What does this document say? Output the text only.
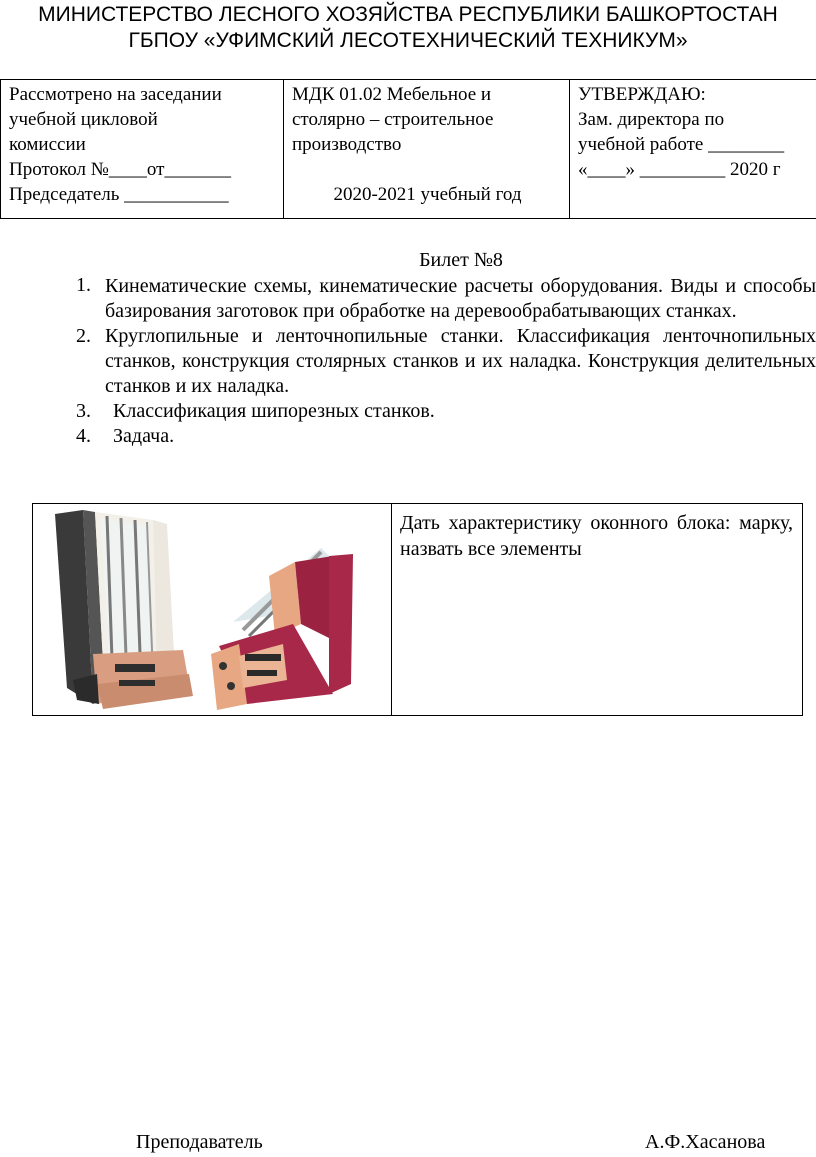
МИНИСТЕРСТВО ЛЕСНОГО ХОЗЯЙСТВА РЕСПУБЛИКИ БАШКОРТОСТАН
ГБПОУ «УФИМСКИЙ ЛЕСОТЕХНИЧЕСКИЙ ТЕХНИКУМ»
Рассмотрено на заседании
учебной цикловой
комиссии
Протокол №____от_______
Председатель ___________

МДК 01.02 Мебельное и
столярно – строительное
производство
2020-2021 учебный год

УТВЕРЖДАЮ:
Зам. директора по
учебной работе ________
«____» _________ 2020 г
Билет №8
1. Кинематические схемы, кинематические расчеты оборудования. Виды и способы базирования заготовок при обработке на деревообрабатывающих станках.
2. Круглопильные и ленточнопильные станки. Классификация ленточнопильных станков, конструкция столярных станков и их наладка. Конструкция делительных станков и их наладка.
3. Классификация шипорезных станков.
4. Задача.
Дать характеристику оконного блока: марку, назвать все элементы
Преподаватель	А.Ф.Хасанова
